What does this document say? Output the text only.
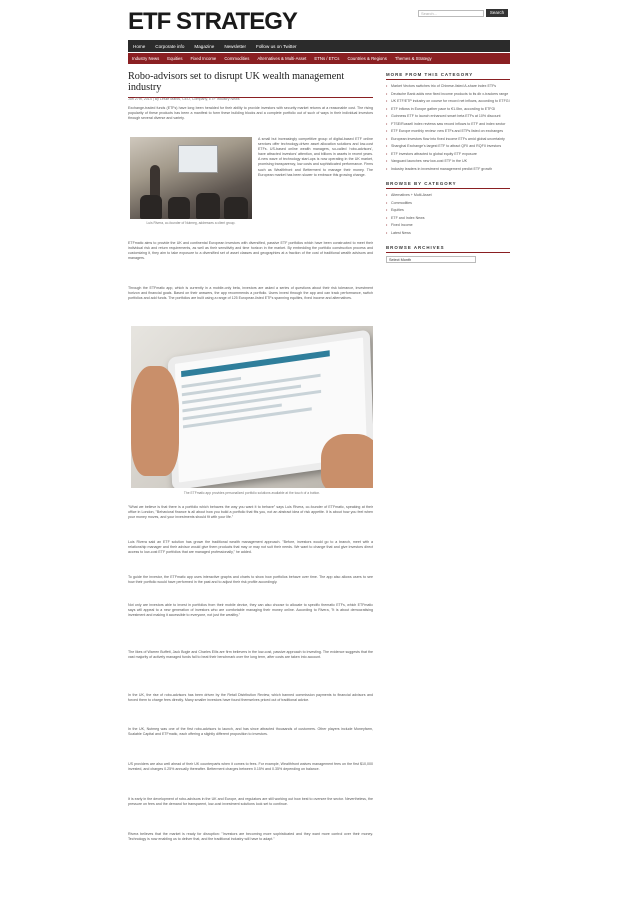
ETF STRATEGY	Search...	Search
Home	Corporate info	Magazine	Newsletter	Follow us on Twitter
Industry News	Equities	Fixed Income	Commodities	Alternatives & Multi-Asset	ETNs / ETCs	Countries & Regions	Themes & Strategy
Robo-advisors set to disrupt UK wealth management industry
Jun 27th, 2014 | By Leslie Marks, CEO, Company, ETF Industry News

Exchange-traded funds (ETFs) have long been heralded for their ability to provide investors with security market returns at a reasonable cost. The rising popularity of these products has been a manifest to form these building blocks and a complete portfolio out of such of ways in their individual investors through several diverse and variety.

Luis Rivera, co-founder of Nutmeg, addresses a client group.

A small but increasingly competitive group of digital-based ETF online services offer technology-driven asset allocation solutions and low-cost ETFs. US-based online wealth managers, so-called 'robo-advisors', have attracted investors' attention, and billions in assets in recent years. A new wave of technology start-ups is now operating in the UK market, promising transparency, low costs and sophisticated performance. Firms such as Wealthfront and Betterment to manage their money. The European market has been slower to embrace this growing change.

ETFmatic aims to provide the UK and continental European investors with diversified, passive ETF portfolios which have been constructed to meet their individual risk and return requirements, as well as their sensitivity and time horizon in the market. By embedding the portfolio construction process and customizing it, they aim to take exposure to a diversified set of asset classes and geographies at a fraction of the cost of traditional wealth advisors and managers.

Through the ETFmatic app, which is currently in a mobile-only beta, investors are asked a series of questions about their risk tolerance, investment horizon and financial goals. Based on their answers, the app recommends a portfolio. Users invest through the app and can track performance, switch portfolios and add funds. The portfolios are built using a range of 125 European-listed ETFs spanning equities, fixed income and alternatives.

The ETFmatic app provides personalized portfolio solutions available at the touch of a button.

"What we believe is that there is a portfolio which behaves the way you want it to behave" says Luis Rivera, co-founder of ETFmatic, speaking at their office in London, "Behavioral finance is all about how you build a portfolio that fits you, not an abstract idea of risk appetite. It is about how you feel when your money moves, and your investments should fit with your life."

Luis Rivera said an ETF solution has grown the traditional wealth management approach. "Before, investors would go to a branch, meet with a relationship manager and their advisor would give them products that may or may not suit their needs. We want to change that and give investors direct access to low-cost ETF portfolios that are managed professionally," he added.

To guide the investor, the ETFmatic app uses interactive graphs and charts to show how portfolios behave over time. The app also allows users to see how their portfolio would have performed in the past and to adjust their risk profile accordingly.

Not only are investors able to invest in portfolios from their mobile device, they can also choose to allocate to specific thematic ETFs, which ETFmatic says will appeal to a new generation of investors who are comfortable managing their money online. According to Rivera, "It is about democratising investment and making it accessible to everyone, not just the wealthy."

The likes of Warren Buffett, Jack Bogle and Charles Ellis are firm believers in the low-cost, passive approach to investing. The evidence suggests that the vast majority of actively managed funds fail to beat their benchmark over the long term, after costs are taken into account.

In the UK, the rise of robo-advisors has been driven by the Retail Distribution Review, which banned commission payments to financial advisors and forced them to charge fees directly. Many smaller investors have found themselves priced out of traditional advice.

In the UK, Nutmeg was one of the first robo-advisors to launch, and has since attracted thousands of customers. Other players include Moneyfarm, Scalable Capital and ETFmatic, each offering a slightly different proposition to investors.

US providers are also well ahead of their UK counterparts when it comes to fees. For example, Wealthfront waives management fees on the first $10,000 invested, and charges 0.25% annually thereafter. Betterment charges between 0.15% and 0.35% depending on balance.

It is early in the development of robo-advisors in the UK and Europe, and regulators are still working out how best to oversee the sector. Nevertheless, the pressure on fees and the demand for transparent, low-cost investment solutions look set to continue.

Rivera believes that the market is ready for disruption: "Investors are becoming more sophisticated and they want more control over their money. Technology is now enabling us to deliver that, and the traditional industry will have to adapt."

MORE FROM THIS CATEGORY
• Market Vectors switches trio of Chinese-listed A-share index ETFs
• Deutsche Bank adds new fixed income products to its db x-trackers range
• UK ETF/ETP industry on course for record net inflows, according to ETFGI
• ETF inflows in Europe gather pace to €1.0bn, according to ETFGI
• Guinness ETF to launch enhanced smart beta ETFs at 10% discount
• FTSE/Russell index reviews saw record inflows to ETF and index sector
• ETF Europe monthly review: new ETFs and ETPs listed on exchanges
• European investors flow into fixed income ETFs amid global uncertainty
• Shanghai Exchange's largest ETF to attract QFII and RQFII investors
• ETF investors attracted to global equity ETF exposure
• Vanguard launches new low-cost ETF in the UK
• Industry leaders in investment management predict ETF growth
BROWSE BY CATEGORY
• Alternatives + Multi-Asset
• Commodities
• Equities
• ETF and Index News
• Fixed Income
• Latest News
BROWSE ARCHIVES
Select Month
